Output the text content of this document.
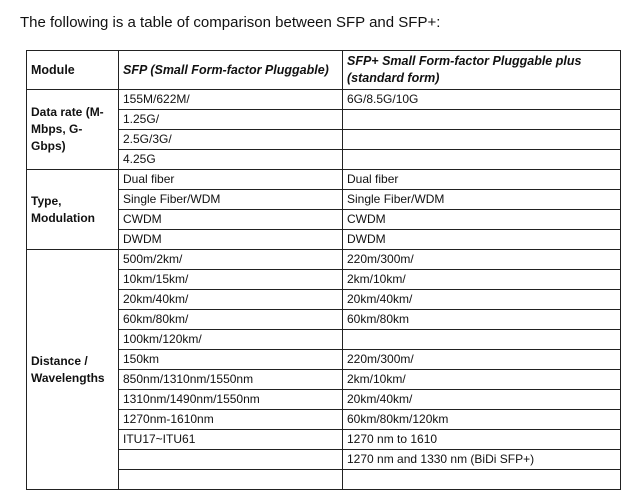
The following is a table of comparison between SFP and SFP+:
Module	SFP (Small Form-factor Pluggable)	SFP+ Small Form-factor Pluggable plus (standard form)
Data rate (M-Mbps, G-Gbps)	155M/622M/	6G/8.5G/10G
	1.25G/	
	2.5G/3G/	
	4.25G	
Type, Modulation	Dual fiber	Dual fiber
	Single Fiber/WDM	Single Fiber/WDM
	CWDM	CWDM
	DWDM	DWDM
Distance / Wavelengths	500m/2km/	220m/300m/
	10km/15km/	2km/10km/
	20km/40km/	20km/40km/
	60km/80km/	60km/80km
	100km/120km/	
	150km	220m/300m/
	850nm/1310nm/1550nm	2km/10km/
	1310nm/1490nm/1550nm	20km/40km/
	1270nm-1610nm	60km/80km/120km
	ITU17~ITU61	1270 nm to 1610
		1270 nm and 1330 nm (BiDi SFP+)
